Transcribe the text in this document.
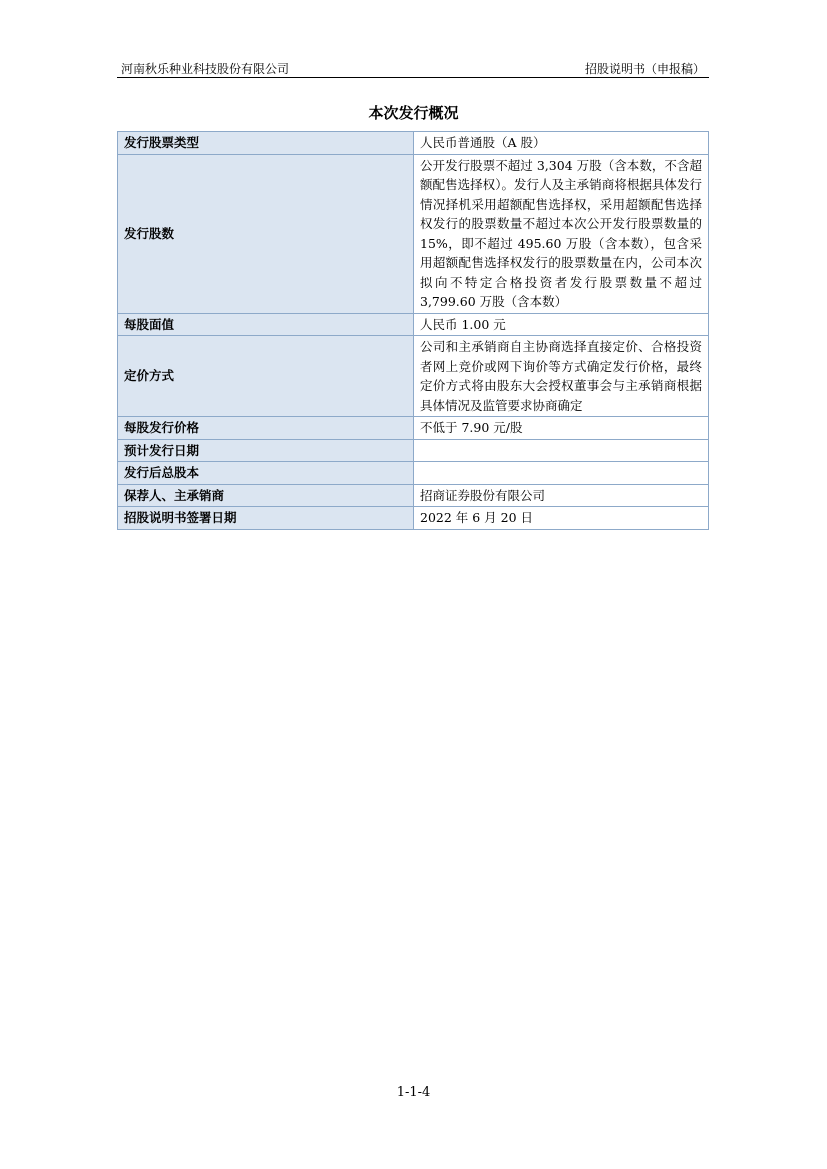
河南秋乐种业科技股份有限公司	招股说明书（申报稿）
本次发行概况
发行股票类型	人民币普通股（A 股）
发行股数	公开发行股票不超过 3,304 万股（含本数，不含超额配售选择权）。发行人及主承销商将根据具体发行情况择机采用超额配售选择权，采用超额配售选择权发行的股票数量不超过本次公开发行股票数量的 15%，即不超过 495.60 万股（含本数），包含采用超额配售选择权发行的股票数量在内，公司本次拟向不特定合格投资者发行股票数量不超过 3,799.60 万股（含本数）
每股面值	人民币 1.00 元
定价方式	公司和主承销商自主协商选择直接定价、合格投资者网上竞价或网下询价等方式确定发行价格，最终定价方式将由股东大会授权董事会与主承销商根据具体情况及监管要求协商确定
每股发行价格	不低于 7.90 元/股
预计发行日期	
发行后总股本	
保荐人、主承销商	招商证券股份有限公司
招股说明书签署日期	2022 年 6 月 20 日
1-1-4
